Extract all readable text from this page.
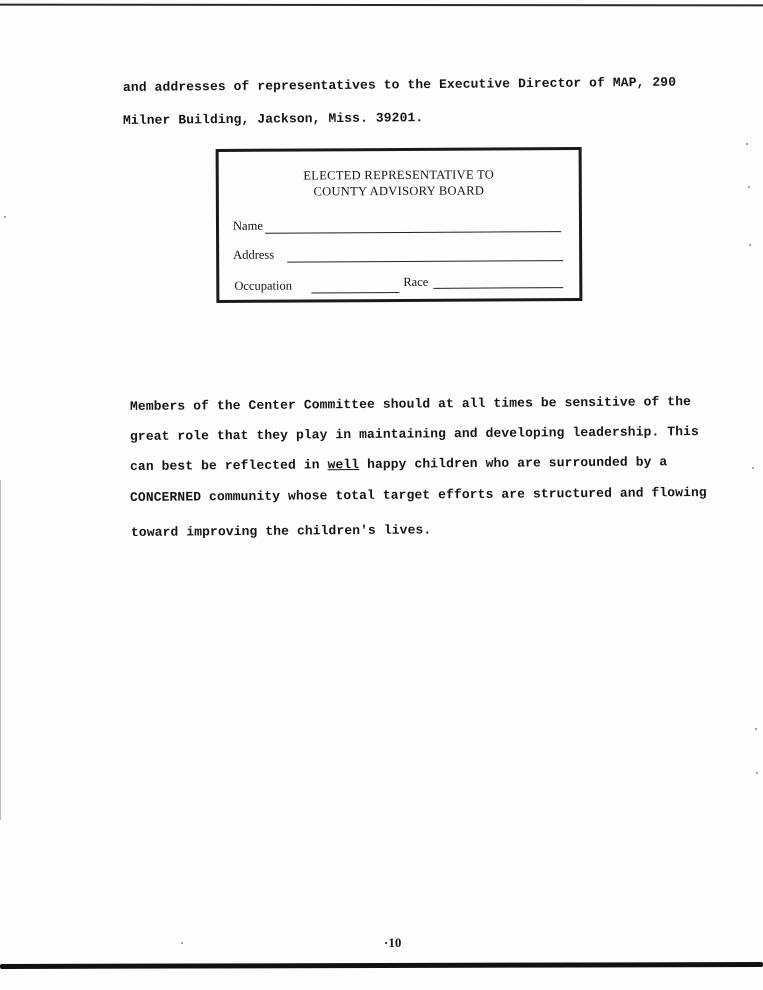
and addresses of representatives to the Executive Director of MAP, 290
Milner Building, Jackson, Miss. 39201.
ELECTED REPRESENTATIVE TO
COUNTY ADVISORY BOARD
Name
Address
Occupation	Race
Members of the Center Committee should at all times be sensitive of the
great role that they play in maintaining and developing leadership. This
can best be reflected in well happy children who are surrounded by a
CONCERNED community whose total target efforts are structured and flowing
toward improving the children's lives.
·10
